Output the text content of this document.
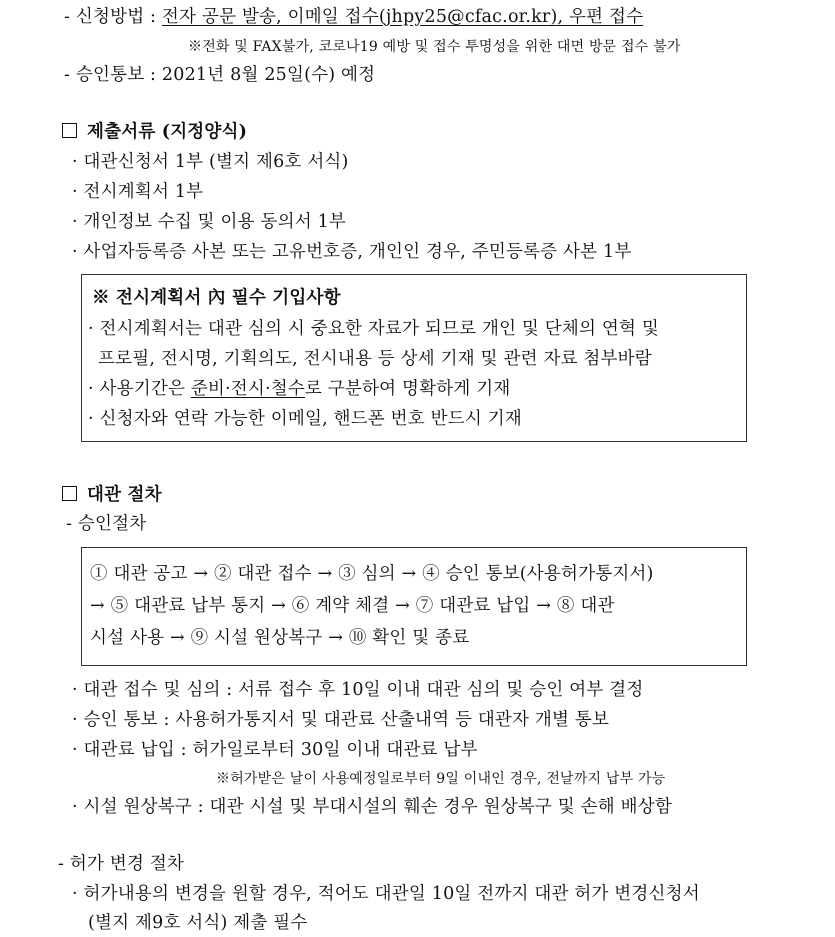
- 신청방법 : 전자 공문 발송, 이메일 접수(jhpy25@cfac.or.kr), 우편 접수
※전화 및 FAX불가, 코로나19 예방 및 접수 투명성을 위한 대면 방문 접수 불가
- 승인통보 : 2021년 8월 25일(수) 예정
제출서류 (지정양식)
· 대관신청서 1부 (별지 제6호 서식)
· 전시계획서 1부
· 개인정보 수집 및 이용 동의서 1부
· 사업자등록증 사본 또는 고유번호증, 개인인 경우, 주민등록증 사본 1부
※ 전시계획서 內 필수 기입사항
· 전시계획서는 대관 심의 시 중요한 자료가 되므로 개인 및 단체의 연혁 및
프로필, 전시명, 기획의도, 전시내용 등 상세 기재 및 관련 자료 첨부바람
· 사용기간은 준비·전시·철수로 구분하여 명확하게 기재
· 신청자와 연락 가능한 이메일, 핸드폰 번호 반드시 기재
대관 절차
- 승인절차
① 대관 공고 → ② 대관 접수 → ③ 심의 → ④ 승인 통보(사용허가통지서)
→ ⑤ 대관료 납부 통지 → ⑥ 계약 체결 → ⑦ 대관료 납입 → ⑧ 대관
시설 사용 → ⑨ 시설 원상복구 → ⑩ 확인 및 종료
· 대관 접수 및 심의 : 서류 접수 후 10일 이내 대관 심의 및 승인 여부 결정
· 승인 통보 : 사용허가통지서 및 대관료 산출내역 등 대관자 개별 통보
· 대관료 납입 : 허가일로부터 30일 이내 대관료 납부
※허가받은 날이 사용예정일로부터 9일 이내인 경우, 전날까지 납부 가능
· 시설 원상복구 : 대관 시설 및 부대시설의 훼손 경우 원상복구 및 손해 배상함
- 허가 변경 절차
· 허가내용의 변경을 원할 경우, 적어도 대관일 10일 전까지 대관 허가 변경신청서
(별지 제9호 서식) 제출 필수
